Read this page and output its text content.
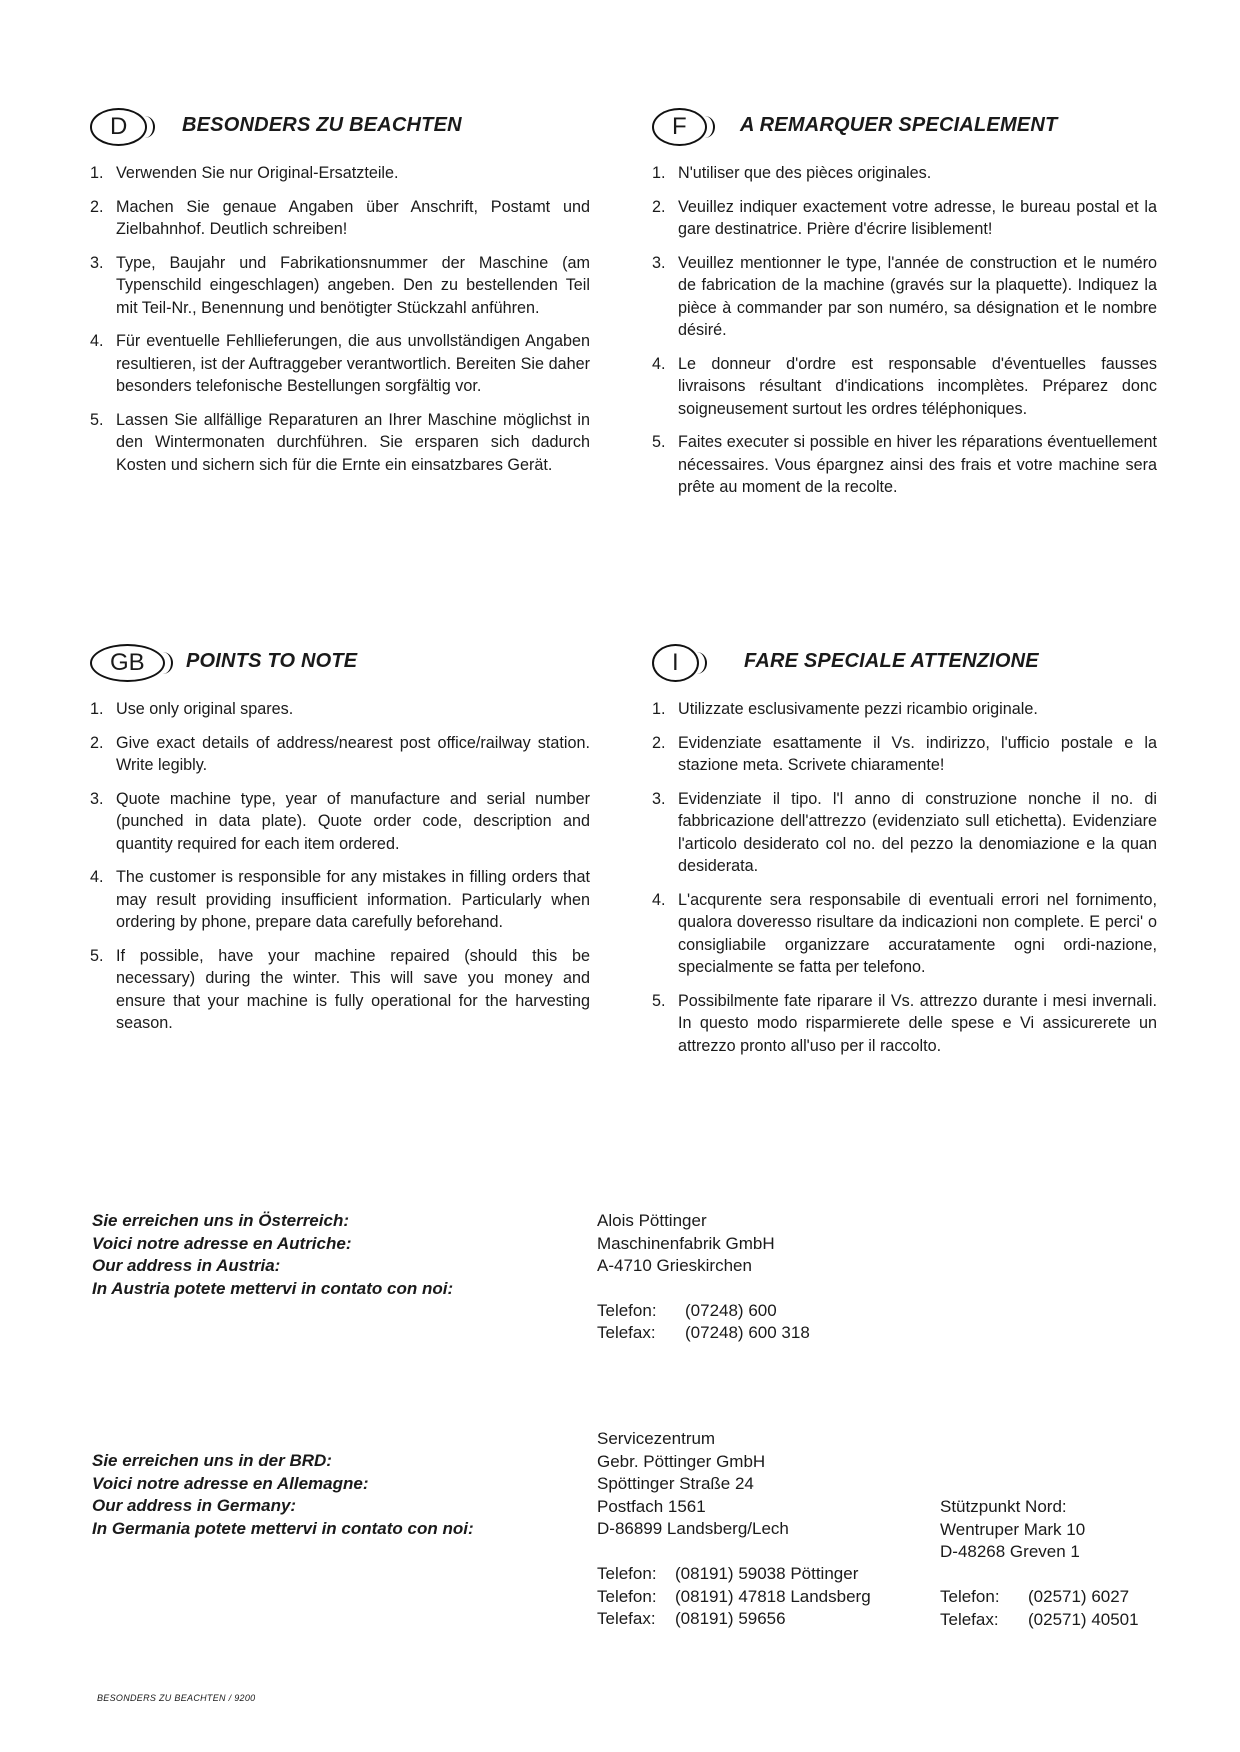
D	BESONDERS ZU BEACHTEN
1. Verwenden Sie nur Original-Ersatzteile.
2. Machen Sie genaue Angaben über Anschrift, Postamt und Zielbahnhof. Deutlich schreiben!
3. Type, Baujahr und Fabrikationsnummer der Maschine (am Typenschild eingeschlagen) angeben. Den zu bestellenden Teil mit Teil-Nr., Benennung und benötigter Stückzahl anführen.
4. Für eventuelle Fehllieferungen, die aus unvollständigen Angaben resultieren, ist der Auftraggeber verantwortlich. Bereiten Sie daher besonders telefonische Bestellungen sorgfältig vor.
5. Lassen Sie allfällige Reparaturen an Ihrer Maschine möglichst in den Wintermonaten durchführen. Sie ersparen sich dadurch Kosten und sichern sich für die Ernte ein einsatzbares Gerät.
F	A REMARQUER SPECIALEMENT
1. N'utiliser que des pièces originales.
2. Veuillez indiquer exactement votre adresse, le bureau postal et la gare destinatrice. Prière d'écrire lisiblement!
3. Veuillez mentionner le type, l'année de construction et le numéro de fabrication de la machine (gravés sur la plaquette). Indiquez la pièce à commander par son numéro, sa désignation et le nombre désiré.
4. Le donneur d'ordre est responsable d'éventuelles fausses livraisons résultant d'indications incomplètes. Préparez donc soigneusement surtout les ordres téléphoniques.
5. Faites executer si possible en hiver les réparations éventuellement nécessaires. Vous épargnez ainsi des frais et votre machine sera prête au moment de la recolte.
GB	POINTS TO NOTE
1. Use only original spares.
2. Give exact details of address/nearest post office/railway station. Write legibly.
3. Quote machine type, year of manufacture and serial number (punched in data plate). Quote order code, description and quantity required for each item ordered.
4. The customer is responsible for any mistakes in filling orders that may result providing insufficient information. Particularly when ordering by phone, prepare data carefully beforehand.
5. If possible, have your machine repaired (should this be necessary) during the winter. This will save you money and ensure that your machine is fully operational for the harvesting season.
I	FARE SPECIALE ATTENZIONE
1. Utilizzate esclusivamente pezzi ricambio originale.
2. Evidenziate esattamente il Vs. indirizzo, l'ufficio postale e la stazione meta. Scrivete chiaramente!
3. Evidenziate il tipo. l'l anno di construzione nonche il no. di fabbricazione dell'attrezzo (evidenziato sull etichetta). Evidenziare l'articolo desiderato col no. del pezzo la denomiazione e la quan desiderata.
4. L'acqurente sera responsabile di eventuali errori nel fornimento, qualora doveresso risultare da indicazioni non complete. E perci' o consigliabile organizzare accuratamente ogni ordi-nazione, specialmente se fatta per telefono.
5. Possibilmente fate riparare il Vs. attrezzo durante i mesi invernali. In questo modo risparmierete delle spese e Vi assicurerete un attrezzo pronto all'uso per il raccolto.
Sie erreichen uns in Österreich:
Voici notre adresse en Autriche:
Our address in Austria:
In Austria potete mettervi in contato con noi:
Alois Pöttinger
Maschinenfabrik GmbH
A-4710 Grieskirchen
Telefon:	(07248) 600
Telefax:	(07248) 600 318
Sie erreichen uns in der BRD:
Voici notre adresse en Allemagne:
Our address in Germany:
In Germania potete mettervi in contato con noi:
Servicezentrum
Gebr. Pöttinger GmbH
Spöttinger Straße 24
Postfach 1561
D-86899 Landsberg/Lech
Telefon:	(08191) 59038 Pöttinger
Telefon:	(08191) 47818 Landsberg
Telefax:	(08191) 59656
Stützpunkt Nord:
Wentruper Mark 10
D-48268 Greven 1
Telefon:	(02571) 6027
Telefax:	(02571) 40501
BESONDERS ZU BEACHTEN / 9200
